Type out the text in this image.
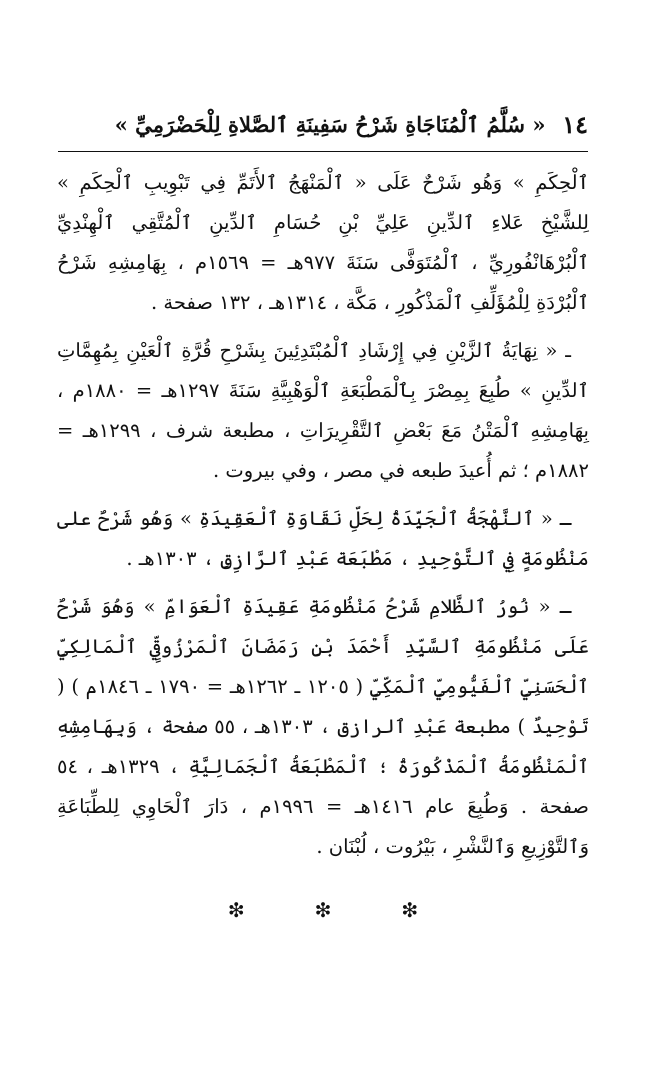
١٤
« سُلَّمُ ٱلْمُنَاجَاةِ شَرْحُ سَفِينَةِ ٱلصَّلاةِ لِلْحَضْرَمِيِّ »

ٱلْحِكَمِ » وَهُو شَرْحٌ عَلَى « ٱلْمَنْهَجُ ٱلأَتَمِّ فِي تَبْوِيبِ ٱلْحِكَمِ » لِلشَّيْخِ عَلاءِ ٱلدِّينِ عَلِيِّ بْنِ حُسَامِ ٱلدِّينِ ٱلْمُتَّقِي ٱلْهِنْدِيِّ ٱلْبُرْهَانْفُورِيِّ ، ٱلْمُتَوَفَّى سَنَةَ ٩٧٧هـ = ١٥٦٩م ، بِهَامِشِهِ شَرْحُ ٱلْبُرْدَةِ لِلْمُؤَلِّفِ ٱلْمَذْكُورِ ، مَكَّة ، ١٣١٤هـ ، ١٣٢ صفحة .

ـ « نِهَايَةُ ٱلزَّيْنِ فِي إِرْشَادِ ٱلْمُبْتَدِئِينَ بِشَرْحِ قُرَّةِ ٱلْعَيْنِ بِمُهِمَّاتِ ٱلدِّينِ » طُبِعَ بِمِصْرَ بِٱلْمَطْبَعَةِ ٱلْوَهْبِيَّةِ سَنَةَ ١٢٩٧هـ = ١٨٨٠م ، بِهَامِشِهِ ٱلْمَتْنُ مَعَ بَعْضِ ٱلتَّقْرِيرَاتِ ، مطبعة شرف ، ١٢٩٩هـ = ١٨٨٢م ؛ ثم أُعيدَ طبعه في مصر ، وفي بيروت .

ـ « ٱلنَّهْجَةُ ٱلْجَيِّدَةُ لِحَلِّ نَقَاوَةِ ٱلْعَقِيدَةِ » وَهُو شَرْحٌ على مَنْظُومَةٍ فِي ٱلتَّوْحِيدِ ، مَطْبَعَة عَبْدِ ٱلرَّازِقِ ، ١٣٠٣هـ .

ـ « نُورُ ٱلظَّلامِ شَرْحُ مَنْظُومَةِ عَقِيدَةِ ٱلْعَوَامِّ » وَهُوَ شَرْحٌ عَلَى مَنْظُومَةِ ٱلسَّيِّدِ أَحْمَدَ بْنِ رَمَضَانَ ٱلْمَرْزُوقِيِّ ٱلْمَالِكِيِّ ٱلْحَسَنِيِّ ٱلْفَيُّومِيِّ ٱلْمَكِّيِّ ( ١٢٠٥ ـ ١٢٦٢هـ = ١٧٩٠ ـ ١٨٤٦م ) ( تَوْحِيدٌ ) مطبعة عَبْدِ ٱلرازق ، ١٣٠٣هـ ، ٥٥ صفحة ، وَبِهَامِشِهِ ٱلْمَنْظُومَةُ ٱلْمَذْكُورَةُ ؛ ٱلْمَطْبَعَةُ ٱلْجَمَالِيَّةِ ، ١٣٢٩هـ ، ٥٤ صفحة . وَطُبِعَ عام ١٤١٦هـ = ١٩٩٦م ، دَارَ ٱلْحَاوِي لِلطِّبَاعَةِ وَٱلتَّوْزِيعِ وَٱلنَّشْرِ ، بَيْرُوت ، لُبْنَان .

❇	❇	❇
